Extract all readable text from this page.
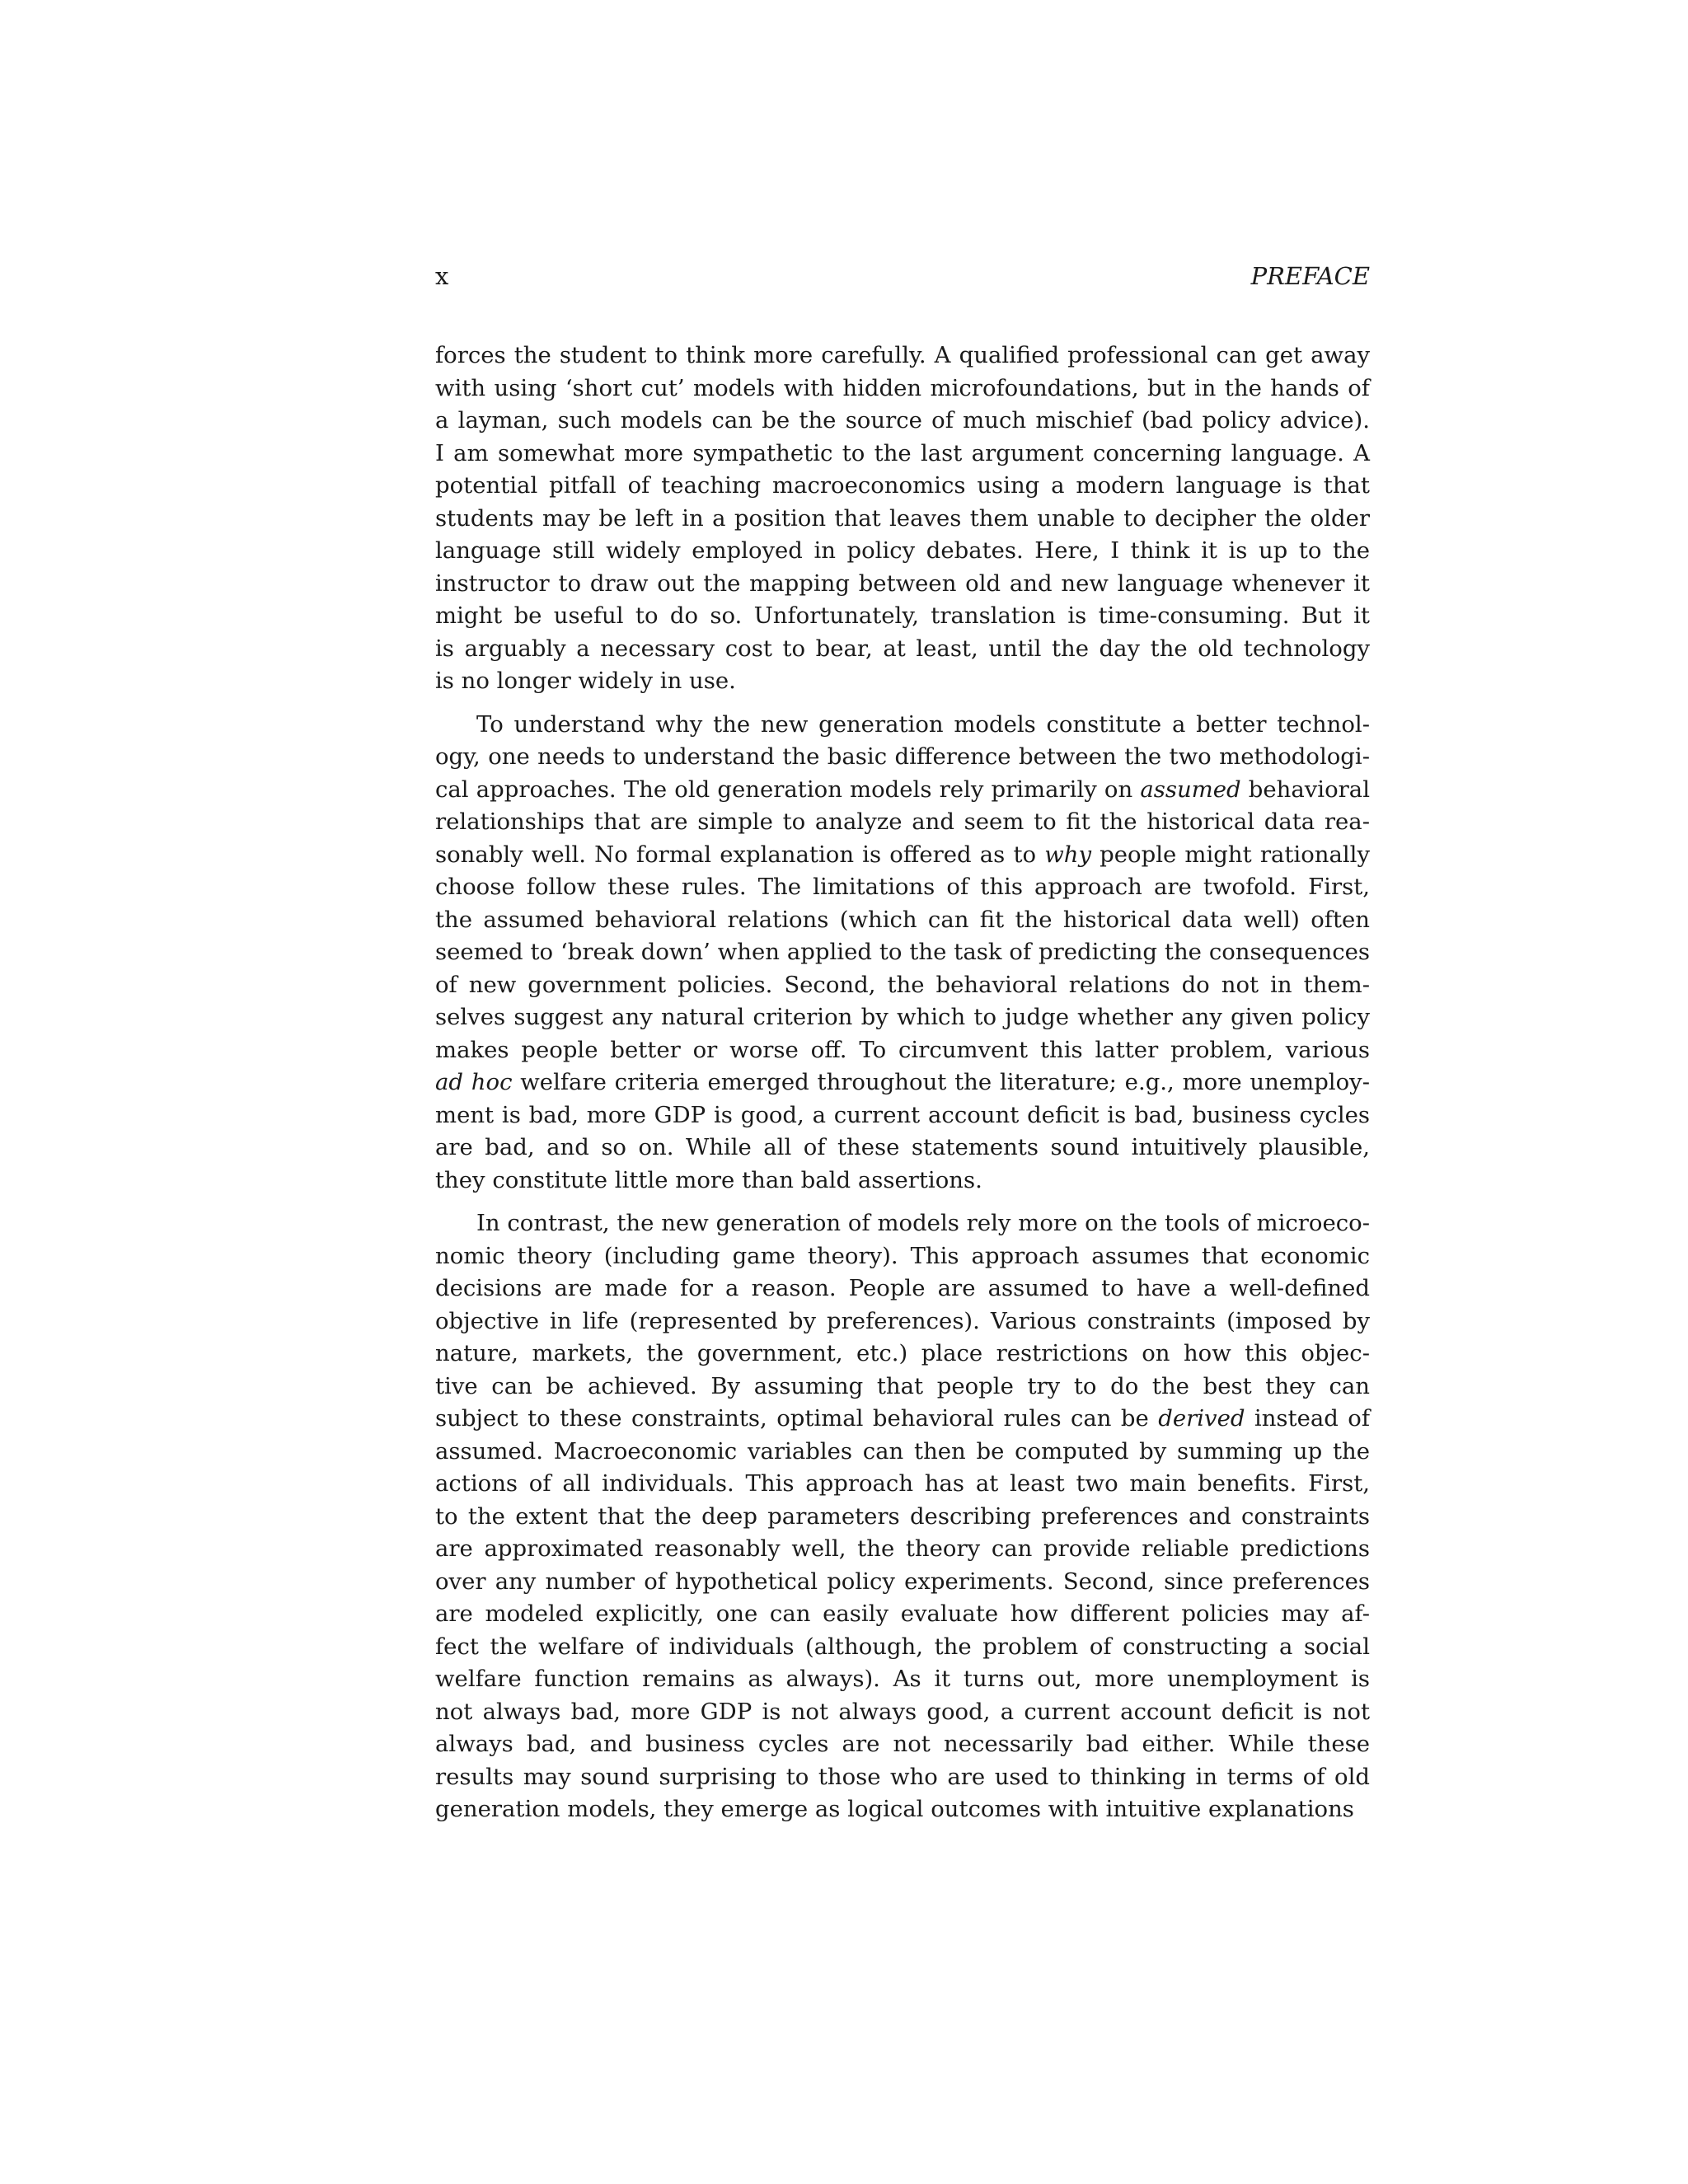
x	PREFACE
forces the student to think more carefully. A qualified professional can get away
with using ‘short cut’ models with hidden microfoundations, but in the hands of
a layman, such models can be the source of much mischief (bad policy advice).
I am somewhat more sympathetic to the last argument concerning language. A
potential pitfall of teaching macroeconomics using a modern language is that
students may be left in a position that leaves them unable to decipher the older
language still widely employed in policy debates. Here, I think it is up to the
instructor to draw out the mapping between old and new language whenever it
might be useful to do so. Unfortunately, translation is time-consuming. But it
is arguably a necessary cost to bear, at least, until the day the old technology
is no longer widely in use.
To understand why the new generation models constitute a better technol-
ogy, one needs to understand the basic difference between the two methodologi-
cal approaches. The old generation models rely primarily on assumed behavioral
relationships that are simple to analyze and seem to fit the historical data rea-
sonably well. No formal explanation is offered as to why people might rationally
choose follow these rules. The limitations of this approach are twofold. First,
the assumed behavioral relations (which can fit the historical data well) often
seemed to ‘break down’ when applied to the task of predicting the consequences
of new government policies. Second, the behavioral relations do not in them-
selves suggest any natural criterion by which to judge whether any given policy
makes people better or worse off. To circumvent this latter problem, various
ad hoc welfare criteria emerged throughout the literature; e.g., more unemploy-
ment is bad, more GDP is good, a current account deficit is bad, business cycles
are bad, and so on. While all of these statements sound intuitively plausible,
they constitute little more than bald assertions.
In contrast, the new generation of models rely more on the tools of microeco-
nomic theory (including game theory). This approach assumes that economic
decisions are made for a reason. People are assumed to have a well-defined
objective in life (represented by preferences). Various constraints (imposed by
nature, markets, the government, etc.) place restrictions on how this objec-
tive can be achieved. By assuming that people try to do the best they can
subject to these constraints, optimal behavioral rules can be derived instead of
assumed. Macroeconomic variables can then be computed by summing up the
actions of all individuals. This approach has at least two main benefits. First,
to the extent that the deep parameters describing preferences and constraints
are approximated reasonably well, the theory can provide reliable predictions
over any number of hypothetical policy experiments. Second, since preferences
are modeled explicitly, one can easily evaluate how different policies may af-
fect the welfare of individuals (although, the problem of constructing a social
welfare function remains as always). As it turns out, more unemployment is
not always bad, more GDP is not always good, a current account deficit is not
always bad, and business cycles are not necessarily bad either. While these
results may sound surprising to those who are used to thinking in terms of old
generation models, they emerge as logical outcomes with intuitive explanations
